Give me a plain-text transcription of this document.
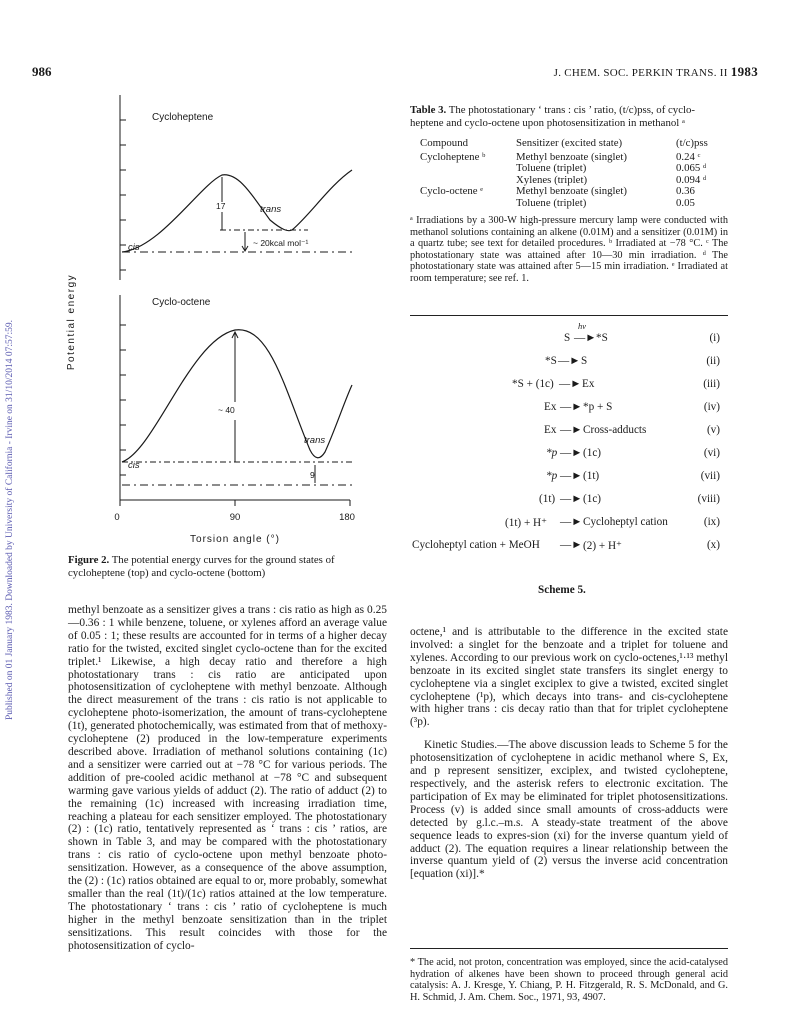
986	J. CHEM. SOC. PERKIN TRANS. II 1983
Published on 01 January 1983. Downloaded by University of California - Irvine on 31/10/2014 07:57:59.
Cycloheptene
cis
trans
17
~ 20kcal mol⁻¹
Cyclo-octene
cis
trans
~ 40
9
0	90	180
Torsion angle (°)
Potential energy
Figure 2. The potential energy curves for the ground states of cycloheptene (top) and cyclo-octene (bottom)

methyl benzoate as a sensitizer gives a trans : cis ratio as high as 0.25—0.36 : 1 while benzene, toluene, or xylenes afford an average value of 0.05 : 1; these results are accounted for in terms of a higher decay ratio for the twisted, excited singlet cyclo-octene than for the excited triplet.¹ Likewise, a high decay ratio and therefore a high photostationary trans : cis ratio are anticipated upon photosensitization of cycloheptene with methyl benzoate. Although the direct measurement of the trans : cis ratio is not applicable to cycloheptene photo-isomerization, the amount of trans-cycloheptene (1t), generated photochemically, was estimated from that of methoxy-cycloheptene (2) produced in the low-temperature experiments described above. Irradiation of methanol solutions containing (1c) and a sensitizer were carried out at −78 °C for various periods. The addition of pre-cooled acidic methanol at −78 °C and subsequent warming gave various yields of adduct (2). The ratio of adduct (2) to the remaining (1c) increased with increasing irradiation time, reaching a plateau for each sensitizer employed. The photostationary (2) : (1c) ratio, tentatively represented as ‘ trans : cis ’ ratios, are shown in Table 3, and may be compared with the photostationary trans : cis ratio of cyclo-octene upon methyl benzoate photo-sensitization. However, as a consequence of the above assumption, the (2) : (1c) ratios obtained are equal to or, more probably, somewhat smaller than the real (1t)/(1c) ratios attained at the low temperature. The photostationary ‘ trans : cis ’ ratio of cycloheptene is much higher in the methyl benzoate sensitization than in the triplet sensitizations. This result coincides with those for the photosensitization of cyclo-

Table 3. The photostationary ‘ trans : cis ’ ratio, (t/c)pss, of cyclo-heptene and cyclo-octene upon photosensitization in methanol ᵃ
Compound	Sensitizer (excited state)	(t/c)pss
Cycloheptene ᵇ	Methyl benzoate (singlet)	0.24 ᶜ
	Toluene (triplet)	0.065 ᵈ
	Xylenes (triplet)	0.094 ᵈ
Cyclo-octene ᵉ	Methyl benzoate (singlet)	0.36
	Toluene (triplet)	0.05
ᵃ Irradiations by a 300-W high-pressure mercury lamp were conducted with methanol solutions containing an alkene (0.01M) and a sensitizer (0.01M) in a quartz tube; see text for detailed procedures. ᵇ Irradiated at −78 °C. ᶜ The photostationary state was attained after 10—30 min irradiation. ᵈ The photostationary state was attained after 5—15 min irradiation. ᵉ Irradiated at room temperature; see ref. 1.
S
hν
—► *S	(i)
*S —► S	(ii)
*S + (1c) —► Ex	(iii)
Ex —► *p + S	(iv)
Ex —► Cross-adducts	(v)
*p —► (1c)	(vi)
*p —► (1t)	(vii)
(1t) —► (1c)	(viii)
(1t) + H⁺ —► Cycloheptyl cation	(ix)
Cycloheptyl cation + MeOH —► (2) + H⁺	(x)
Scheme 5.

octene,¹ and is attributable to the difference in the excited state involved: a singlet for the benzoate and a triplet for toluene and xylenes. According to our previous work on cyclo-octenes,¹·¹³ methyl benzoate in its excited singlet state transfers its singlet energy to cycloheptene via a singlet exciplex to give a twisted, excited singlet cycloheptene (¹p), which decays into trans- and cis-cycloheptene with higher trans : cis decay ratio than that for triplet cycloheptene (³p).

Kinetic Studies.—The above discussion leads to Scheme 5 for the photosensitization of cycloheptene in acidic methanol where S, Ex, and p represent sensitizer, exciplex, and twisted cycloheptene, respectively, and the asterisk refers to electronic excitation. The participation of Ex may be eliminated for triplet photosensitizations. Process (v) is added since small amounts of cross-adducts were detected by g.l.c.–m.s. A steady-state treatment of the above sequence leads to expres-sion (xi) for the inverse quantum yield of adduct (2). The equation requires a linear relationship between the inverse quantum yield of (2) versus the inverse acid concentration [equation (xi)].*

* The acid, not proton, concentration was employed, since the acid-catalysed hydration of alkenes have been shown to proceed through general acid catalysis: A. J. Kresge, Y. Chiang, P. H. Fitzgerald, R. S. McDonald, and G. H. Schmid, J. Am. Chem. Soc., 1971, 93, 4907.
